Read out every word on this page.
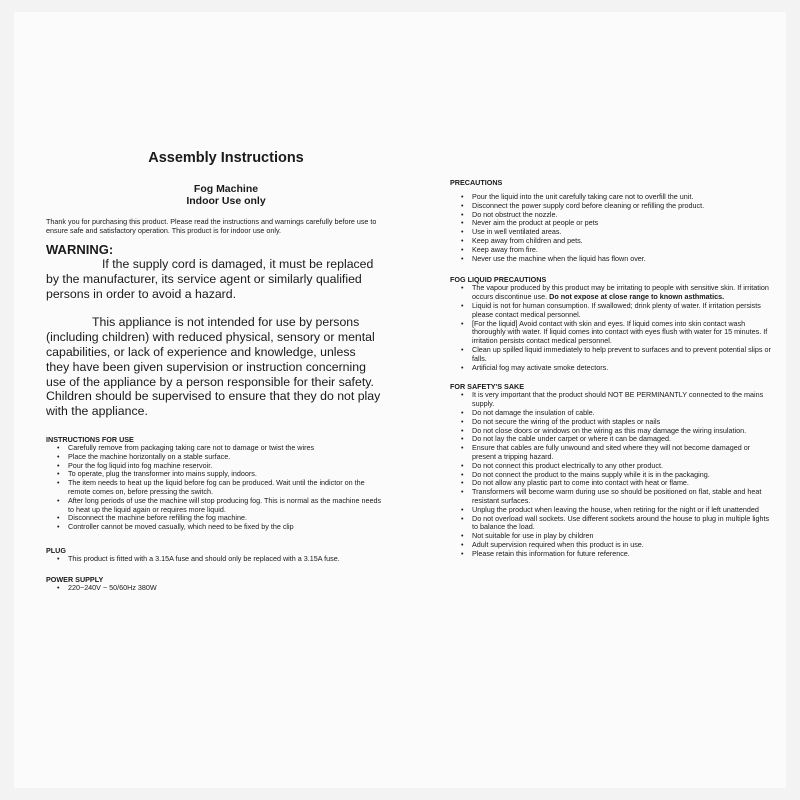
Assembly Instructions
Fog Machine
Indoor Use only
Thank you for purchasing this product. Please read the instructions and warnings carefully before use to ensure safe and satisfactory operation. This product is for indoor use only.
WARNING:

If the supply cord is damaged, it must be replaced by the manufacturer, its service agent or similarly qualified persons in order to avoid a hazard.

This appliance is not intended for use by persons (including children) with reduced physical, sensory or mental capabilities, or lack of experience and knowledge, unless they have been given supervision or instruction concerning use of the appliance by a person responsible for their safety. Children should be supervised to ensure that they do not play with the appliance.

INSTRUCTIONS FOR USE
• Carefully remove from packaging taking care not to damage or twist the wires
• Place the machine horizontally on a stable surface.
• Pour the fog liquid into fog machine reservoir.
• To operate, plug the transformer into mains supply, indoors.
• The item needs to heat up the liquid before fog can be produced. Wait until the indictor on the remote comes on, before pressing the switch.
• After long periods of use the machine will stop producing fog. This is normal as the machine needs to heat up the liquid again or requires more liquid.
• Disconnect the machine before refilling the fog machine.
• Controller cannot be moved casually, which need to be fixed by the clip
PLUG
• This product is fitted with a 3.15A fuse and should only be replaced with a 3.15A fuse.
POWER SUPPLY
• 220~240V ~ 50/60Hz 380W
PRECAUTIONS
• Pour the liquid into the unit carefully taking care not to overfill the unit.
• Disconnect the power supply cord before cleaning or refilling the product.
• Do not obstruct the nozzle.
• Never aim the product at people or pets
• Use in well ventilated areas.
• Keep away from children and pets.
• Keep away from fire.
• Never use the machine when the liquid has flown over.
FOG LIQUID PRECAUTIONS
• The vapour produced by this product may be irritating to people with sensitive skin. If irritation occurs discontinue use. Do not expose at close range to known asthmatics.
• Liquid is not for human consumption. If swallowed; drink plenty of water. If irritation persists please contact medical personnel.
• [For the liquid] Avoid contact with skin and eyes. If liquid comes into skin contact wash thoroughly with water. If liquid comes into contact with eyes flush with water for 15 minutes. If irritation persists contact medical personnel.
• Clean up spilled liquid immediately to help prevent to surfaces and to prevent potential slips or falls.
• Artificial fog may activate smoke detectors.
FOR SAFETY'S SAKE
• It is very important that the product should NOT BE PERMINANTLY connected to the mains supply.
• Do not damage the insulation of cable.
• Do not secure the wiring of the product with staples or nails
• Do not close doors or windows on the wiring as this may damage the wiring insulation.
• Do not lay the cable under carpet or where it can be damaged.
• Ensure that cables are fully unwound and sited where they will not become damaged or present a tripping hazard.
• Do not connect this product electrically to any other product.
• Do not connect the product to the mains supply while it is in the packaging.
• Do not allow any plastic part to come into contact with heat or flame.
• Transformers will become warm during use so should be positioned on flat, stable and heat resistant surfaces.
• Unplug the product when leaving the house, when retiring for the night or if left unattended
• Do not overload wall sockets. Use different sockets around the house to plug in multiple lights to balance the load.
• Not suitable for use in play by children
• Adult supervision required when this product is in use.
• Please retain this information for future reference.
